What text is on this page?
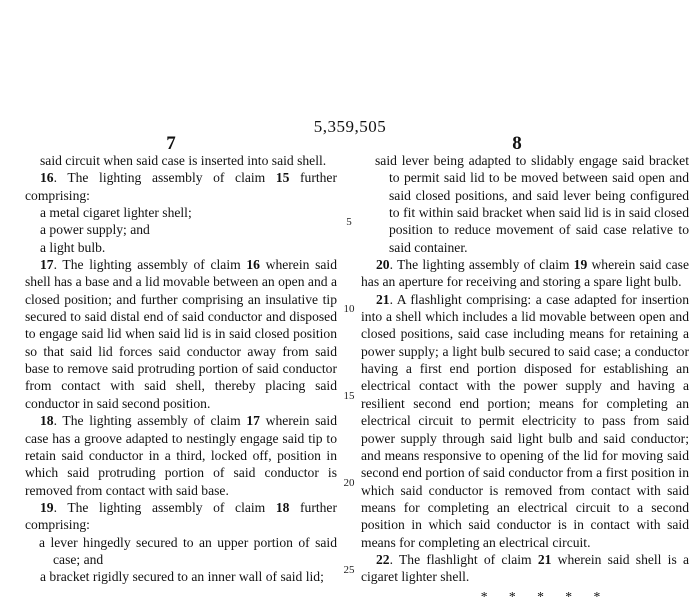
5,359,505
7	8
5
10
15
20
25

said circuit when said case is inserted into said shell.

16. The lighting assembly of claim 15 further comprising:

a metal cigaret lighter shell;

a power supply; and

a light bulb.

17. The lighting assembly of claim 16 wherein said shell has a base and a lid movable between an open and a closed position; and further comprising an insulative tip secured to said distal end of said conductor and disposed to engage said lid when said lid is in said closed position so that said lid forces said conductor away from said base to remove said protruding portion of said conductor from contact with said shell, thereby placing said conductor in said second position.

18. The lighting assembly of claim 17 wherein said case has a groove adapted to nestingly engage said tip to retain said conductor in a third, locked off, position in which said protruding portion of said conductor is removed from contact with said base.

19. The lighting assembly of claim 18 further comprising:

a lever hingedly secured to an upper portion of said case; and

a bracket rigidly secured to an inner wall of said lid;

said lever being adapted to slidably engage said bracket to permit said lid to be moved between said open and said closed positions, and said lever being configured to fit within said bracket when said lid is in said closed position to reduce movement of said case relative to said container.

20. The lighting assembly of claim 19 wherein said case has an aperture for receiving and storing a spare light bulb.

21. A flashlight comprising: a case adapted for insertion into a shell which includes a lid movable between open and closed positions, said case including means for retaining a power supply; a light bulb secured to said case; a conductor having a first end portion disposed for establishing an electrical contact with the power supply and having a resilient second end portion; means for completing an electrical circuit to permit electricity to pass from said power supply through said light bulb and said conductor; and means responsive to opening of the lid for moving said second end portion of said conductor from a first position in which said conductor is removed from contact with said means for completing an electrical circuit to a second position in which said conductor is in contact with said means for completing an electrical circuit.

22. The flashlight of claim 21 wherein said shell is a cigaret lighter shell.

* * * * *
